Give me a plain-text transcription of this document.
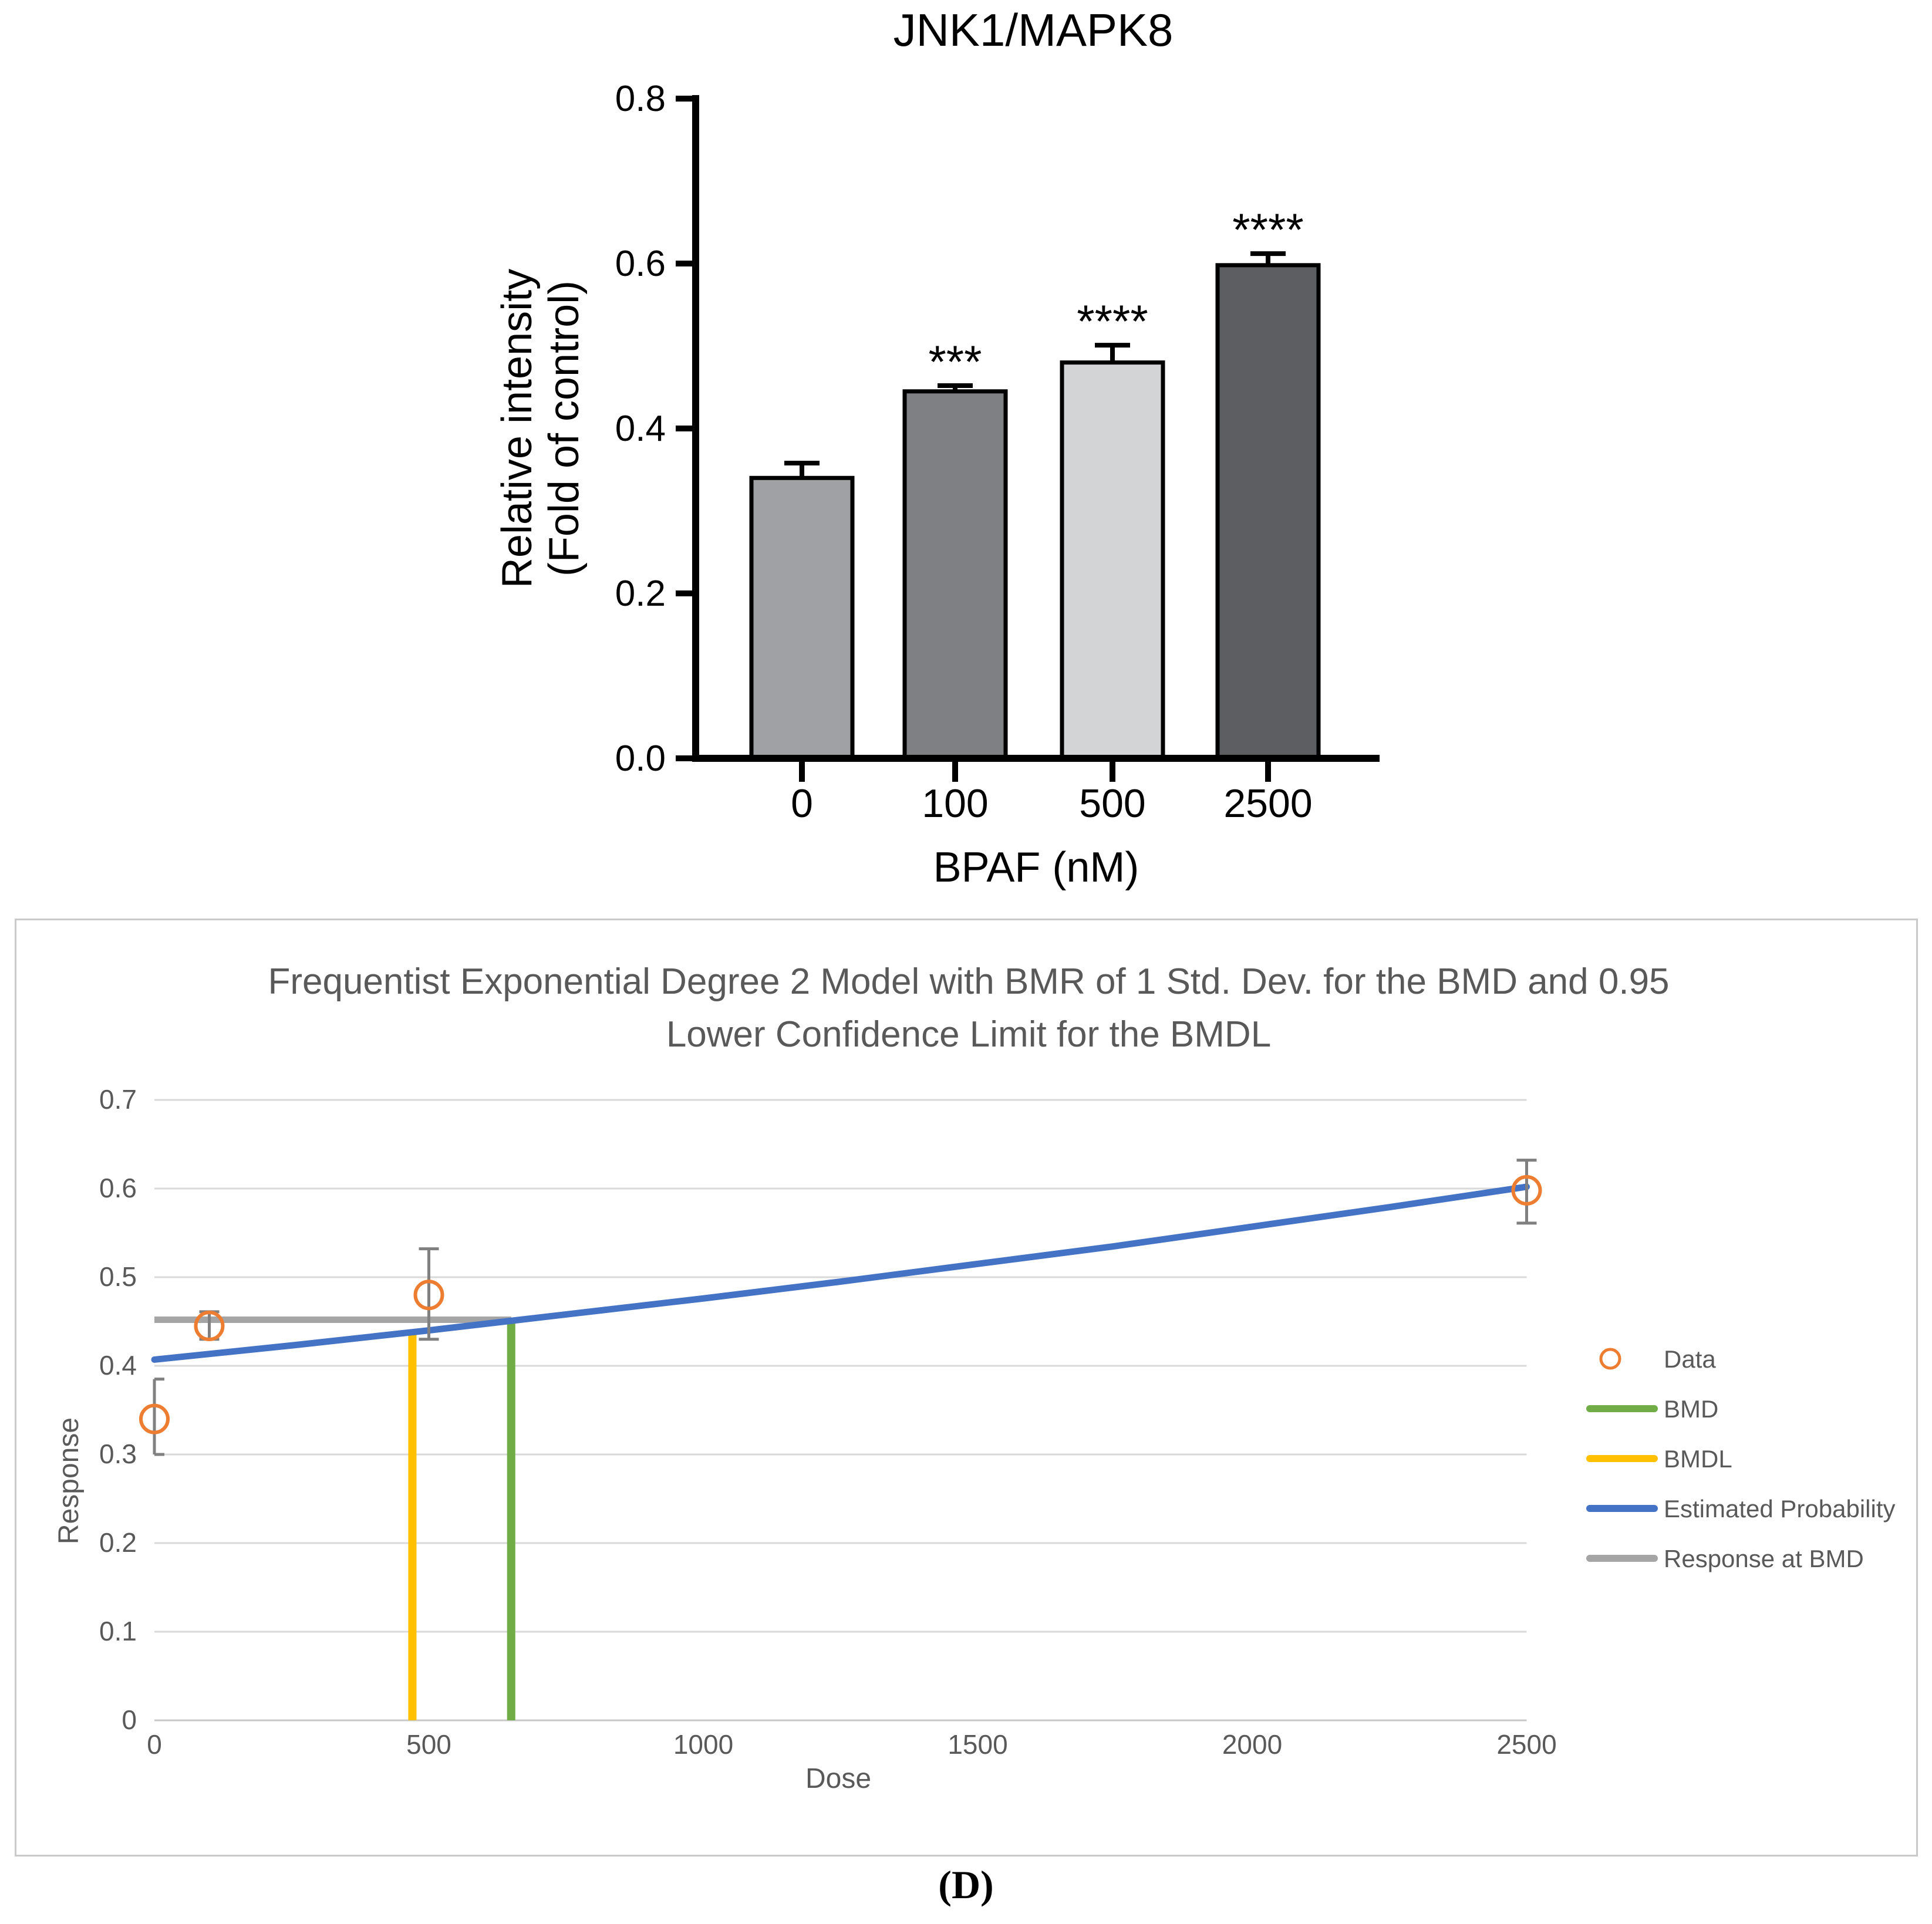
0
***
100
****
500
****
2500
0.0
0.2
0.4
0.6
0.8
JNK1/MAPK8
Relative intensity (Fold of control)
BPAF (nM)
0
0.1
0.2
0.3
0.4
0.5
0.6
0.7
0	500	1000	1500	2000	2500
Frequentist Exponential Degree 2 Model with BMR of 1 Std. Dev. for the BMD and 0.95
Lower Confidence Limit for the BMDL
Dose
Response
Data
BMD
BMDL
Estimated Probability
Response at BMD
(D)
